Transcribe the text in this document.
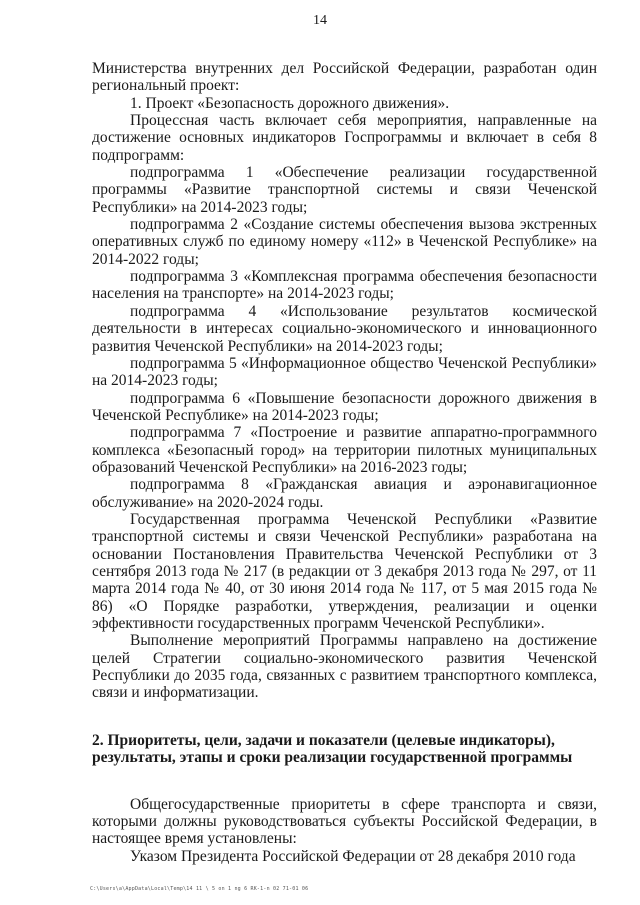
14

Министерства внутренних дел Российской Федерации, разработан один региональный проект:

1. Проект «Безопасность дорожного движения».

Процессная часть включает себя мероприятия, направленные на достижение основных индикаторов Госпрограммы и включает в себя 8 подпрограмм:

подпрограмма 1 «Обеспечение реализации государственной программы «Развитие транспортной системы и связи Чеченской Республики» на 2014-2023 годы;

подпрограмма 2 «Создание системы обеспечения вызова экстренных оперативных служб по единому номеру «112» в Чеченской Республике» на 2014-2022 годы;

подпрограмма 3 «Комплексная программа обеспечения безопасности населения на транспорте» на 2014-2023 годы;

подпрограмма 4 «Использование результатов космической деятельности в интересах социально-экономического и инновационного развития Чеченской Республики» на 2014-2023 годы;

подпрограмма 5 «Информационное общество Чеченской Республики» на 2014-2023 годы;

подпрограмма 6 «Повышение безопасности дорожного движения в Чеченской Республике» на 2014-2023 годы;

подпрограмма 7 «Построение и развитие аппаратно-программного комплекса «Безопасный город» на территории пилотных муниципальных образований Чеченской Республики» на 2016-2023 годы;

подпрограмма 8 «Гражданская авиация и аэронавигационное обслуживание» на 2020-2024 годы.

Государственная программа Чеченской Республики «Развитие транспортной системы и связи Чеченской Республики» разработана на основании Постановления Правительства Чеченской Республики от 3 сентября 2013 года № 217 (в редакции от 3 декабря 2013 года № 297, от 11 марта 2014 года № 40, от 30 июня 2014 года № 117, от 5 мая 2015 года № 86) «О Порядке разработки, утверждения, реализации и оценки эффективности государственных программ Чеченской Республики».

Выполнение мероприятий Программы направлено на достижение целей Стратегии социально-экономического развития Чеченской Республики до 2035 года, связанных с развитием транспортного комплекса, связи и информатизации.

2. Приоритеты, цели, задачи и показатели (целевые индикаторы),

результаты, этапы и сроки реализации государственной программы

Общегосударственные приоритеты в сфере транспорта и связи, которыми должны руководствоваться субъекты Российской Федерации, в настоящее время установлены:

Указом Президента Российской Федерации от 28 декабря 2010 года

С:\Users\a\AppData\Local\Temp\14 11 \ 5 on 1 ng 6 RK-1-n 02 71-01 06
